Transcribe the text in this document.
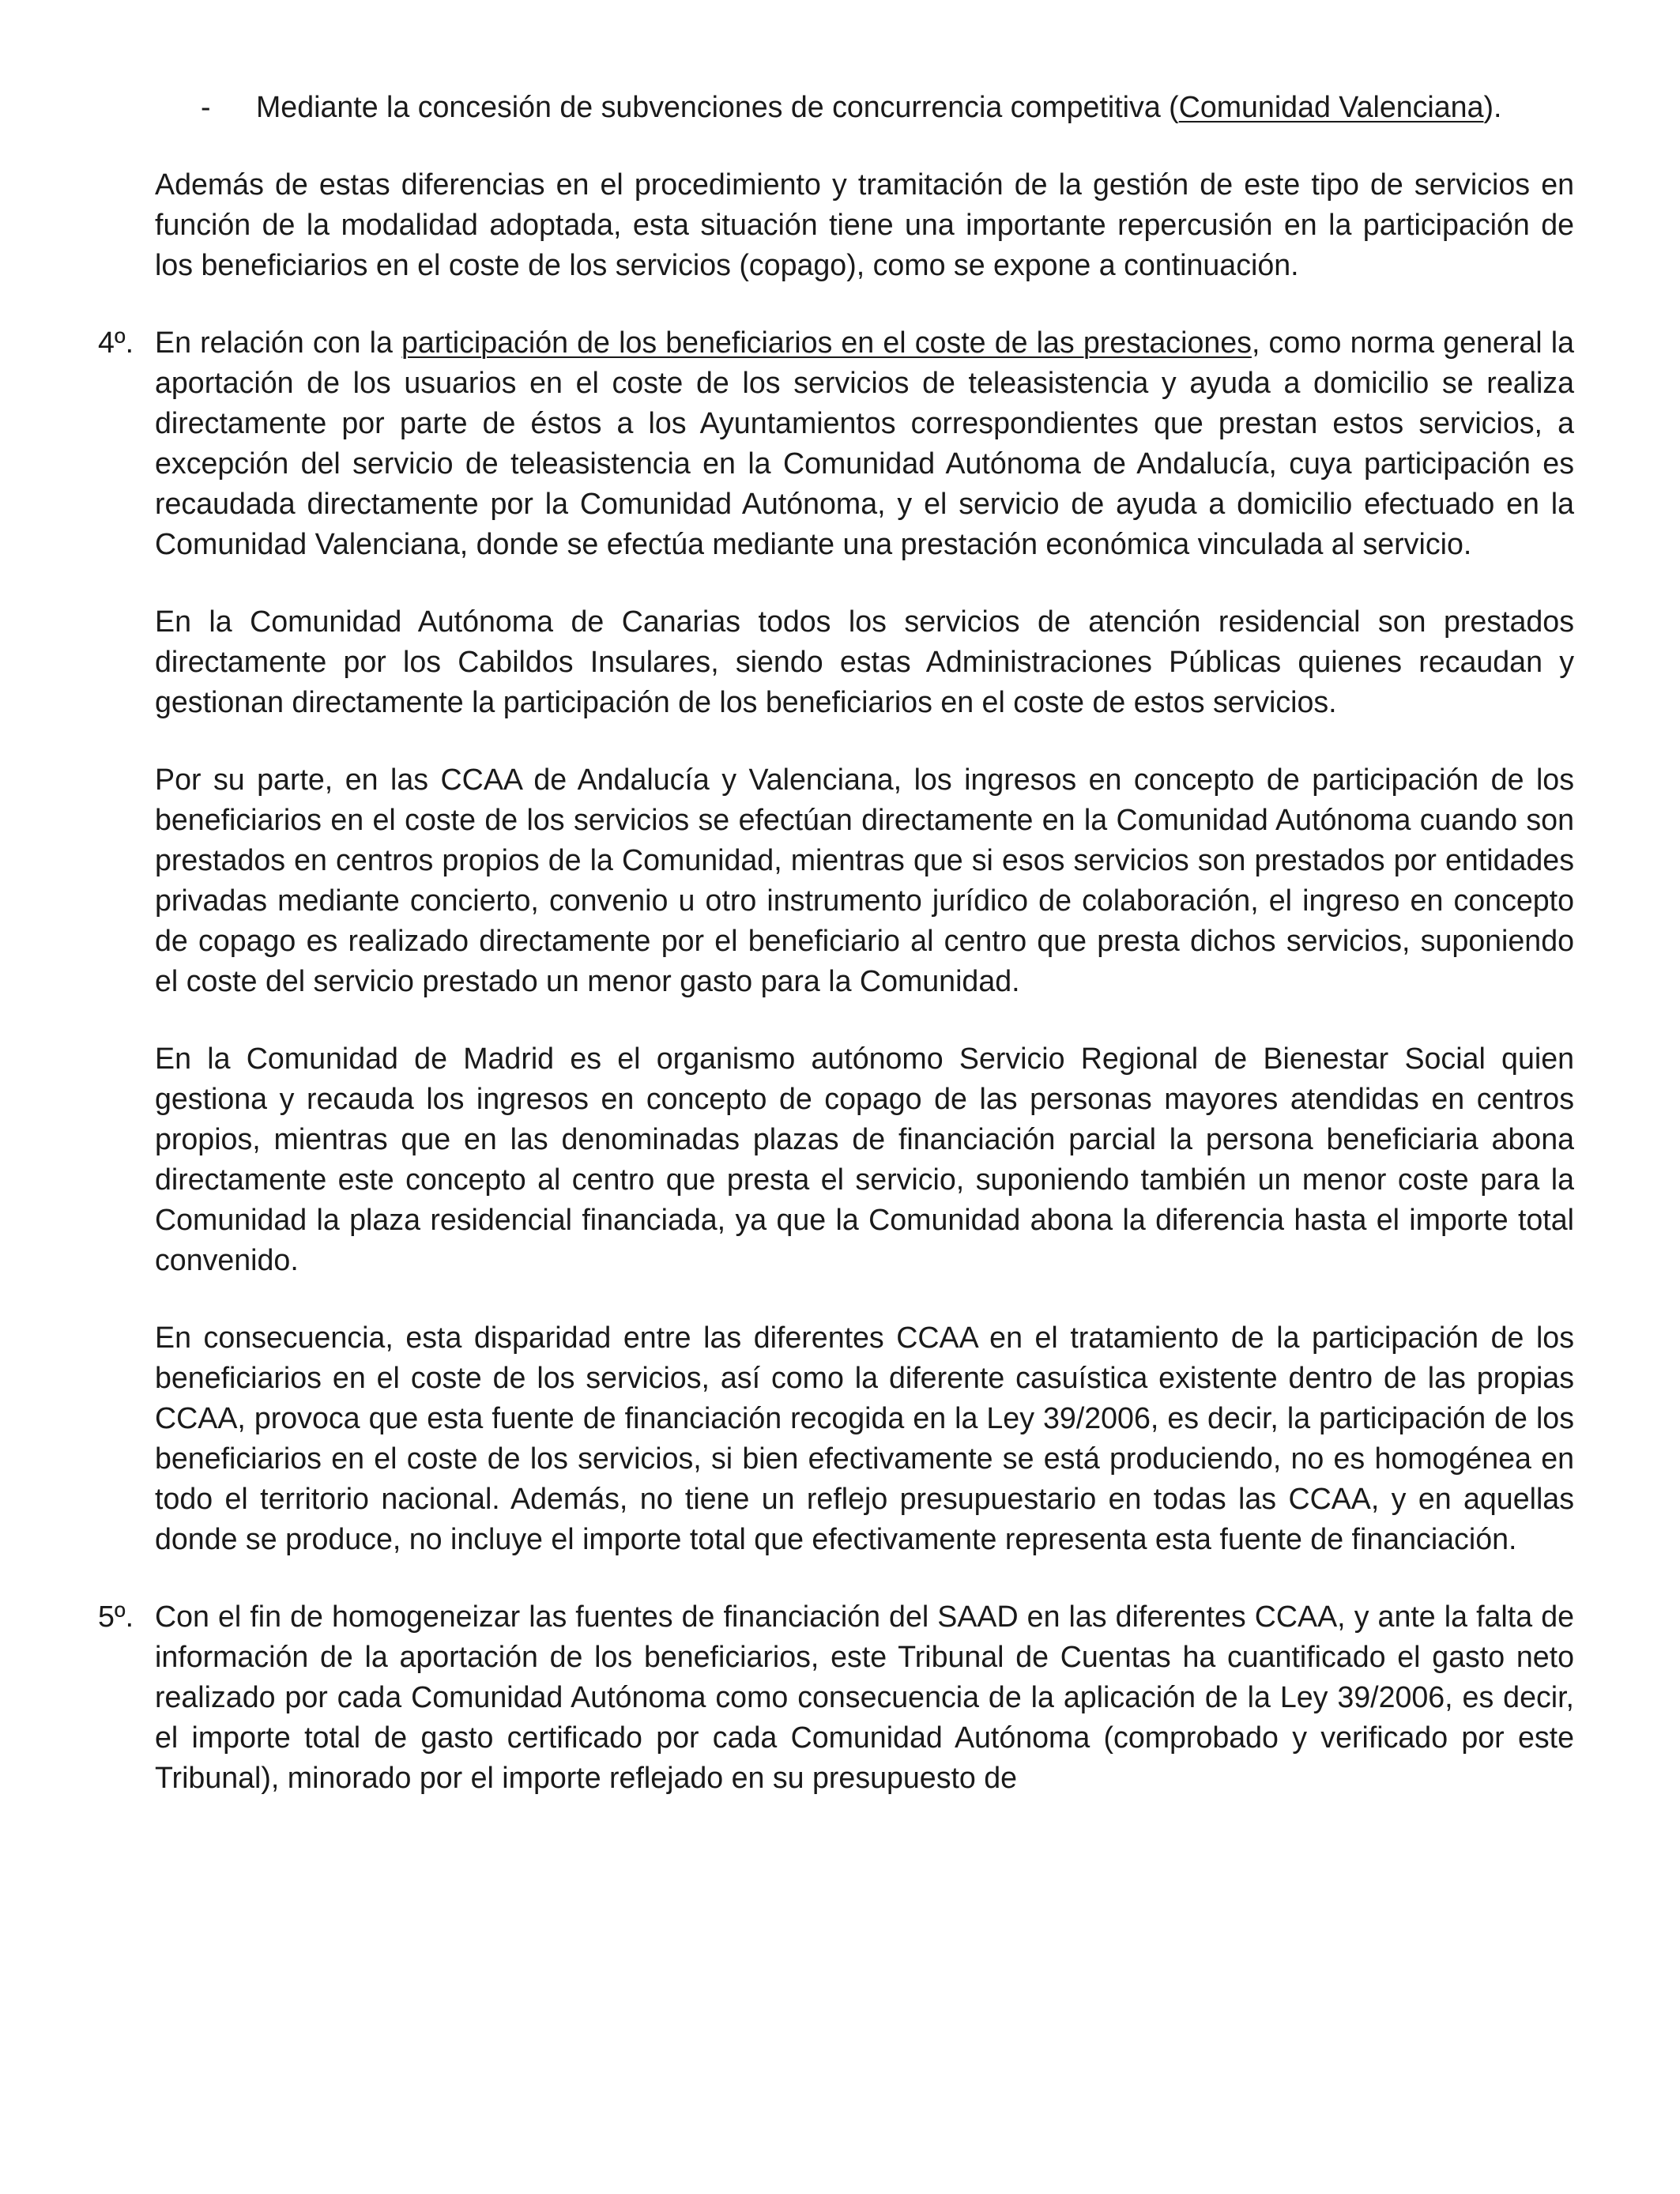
- Mediante la concesión de subvenciones de concurrencia competitiva (Comunidad Valenciana).

Además de estas diferencias en el procedimiento y tramitación de la gestión de este tipo de servicios en función de la modalidad adoptada, esta situación tiene una importante repercusión en la participación de los beneficiarios en el coste de los servicios (copago), como se expone a continuación.

4º. En relación con la participación de los beneficiarios en el coste de las prestaciones, como norma general la aportación de los usuarios en el coste de los servicios de teleasistencia y ayuda a domicilio se realiza directamente por parte de éstos a los Ayuntamientos correspondientes que prestan estos servicios, a excepción del servicio de teleasistencia en la Comunidad Autónoma de Andalucía, cuya participación es recaudada directamente por la Comunidad Autónoma, y el servicio de ayuda a domicilio efectuado en la Comunidad Valenciana, donde se efectúa mediante una prestación económica vinculada al servicio.

En la Comunidad Autónoma de Canarias todos los servicios de atención residencial son prestados directamente por los Cabildos Insulares, siendo estas Administraciones Públicas quienes recaudan y gestionan directamente la participación de los beneficiarios en el coste de estos servicios.

Por su parte, en las CCAA de Andalucía y Valenciana, los ingresos en concepto de participación de los beneficiarios en el coste de los servicios se efectúan directamente en la Comunidad Autónoma cuando son prestados en centros propios de la Comunidad, mientras que si esos servicios son prestados por entidades privadas mediante concierto, convenio u otro instrumento jurídico de colaboración, el ingreso en concepto de copago es realizado directamente por el beneficiario al centro que presta dichos servicios, suponiendo el coste del servicio prestado un menor gasto para la Comunidad.

En la Comunidad de Madrid es el organismo autónomo Servicio Regional de Bienestar Social quien gestiona y recauda los ingresos en concepto de copago de las personas mayores atendidas en centros propios, mientras que en las denominadas plazas de financiación parcial la persona beneficiaria abona directamente este concepto al centro que presta el servicio, suponiendo también un menor coste para la Comunidad la plaza residencial financiada, ya que la Comunidad abona la diferencia hasta el importe total convenido.

En consecuencia, esta disparidad entre las diferentes CCAA en el tratamiento de la participación de los beneficiarios en el coste de los servicios, así como la diferente casuística existente dentro de las propias CCAA, provoca que esta fuente de financiación recogida en la Ley 39/2006, es decir, la participación de los beneficiarios en el coste de los servicios, si bien efectivamente se está produciendo, no es homogénea en todo el territorio nacional. Además, no tiene un reflejo presupuestario en todas las CCAA, y en aquellas donde se produce, no incluye el importe total que efectivamente representa esta fuente de financiación.

5º. Con el fin de homogeneizar las fuentes de financiación del SAAD en las diferentes CCAA, y ante la falta de información de la aportación de los beneficiarios, este Tribunal de Cuentas ha cuantificado el gasto neto realizado por cada Comunidad Autónoma como consecuencia de la aplicación de la Ley 39/2006, es decir, el importe total de gasto certificado por cada Comunidad Autónoma (comprobado y verificado por este Tribunal), minorado por el importe reflejado en su presupuesto de
